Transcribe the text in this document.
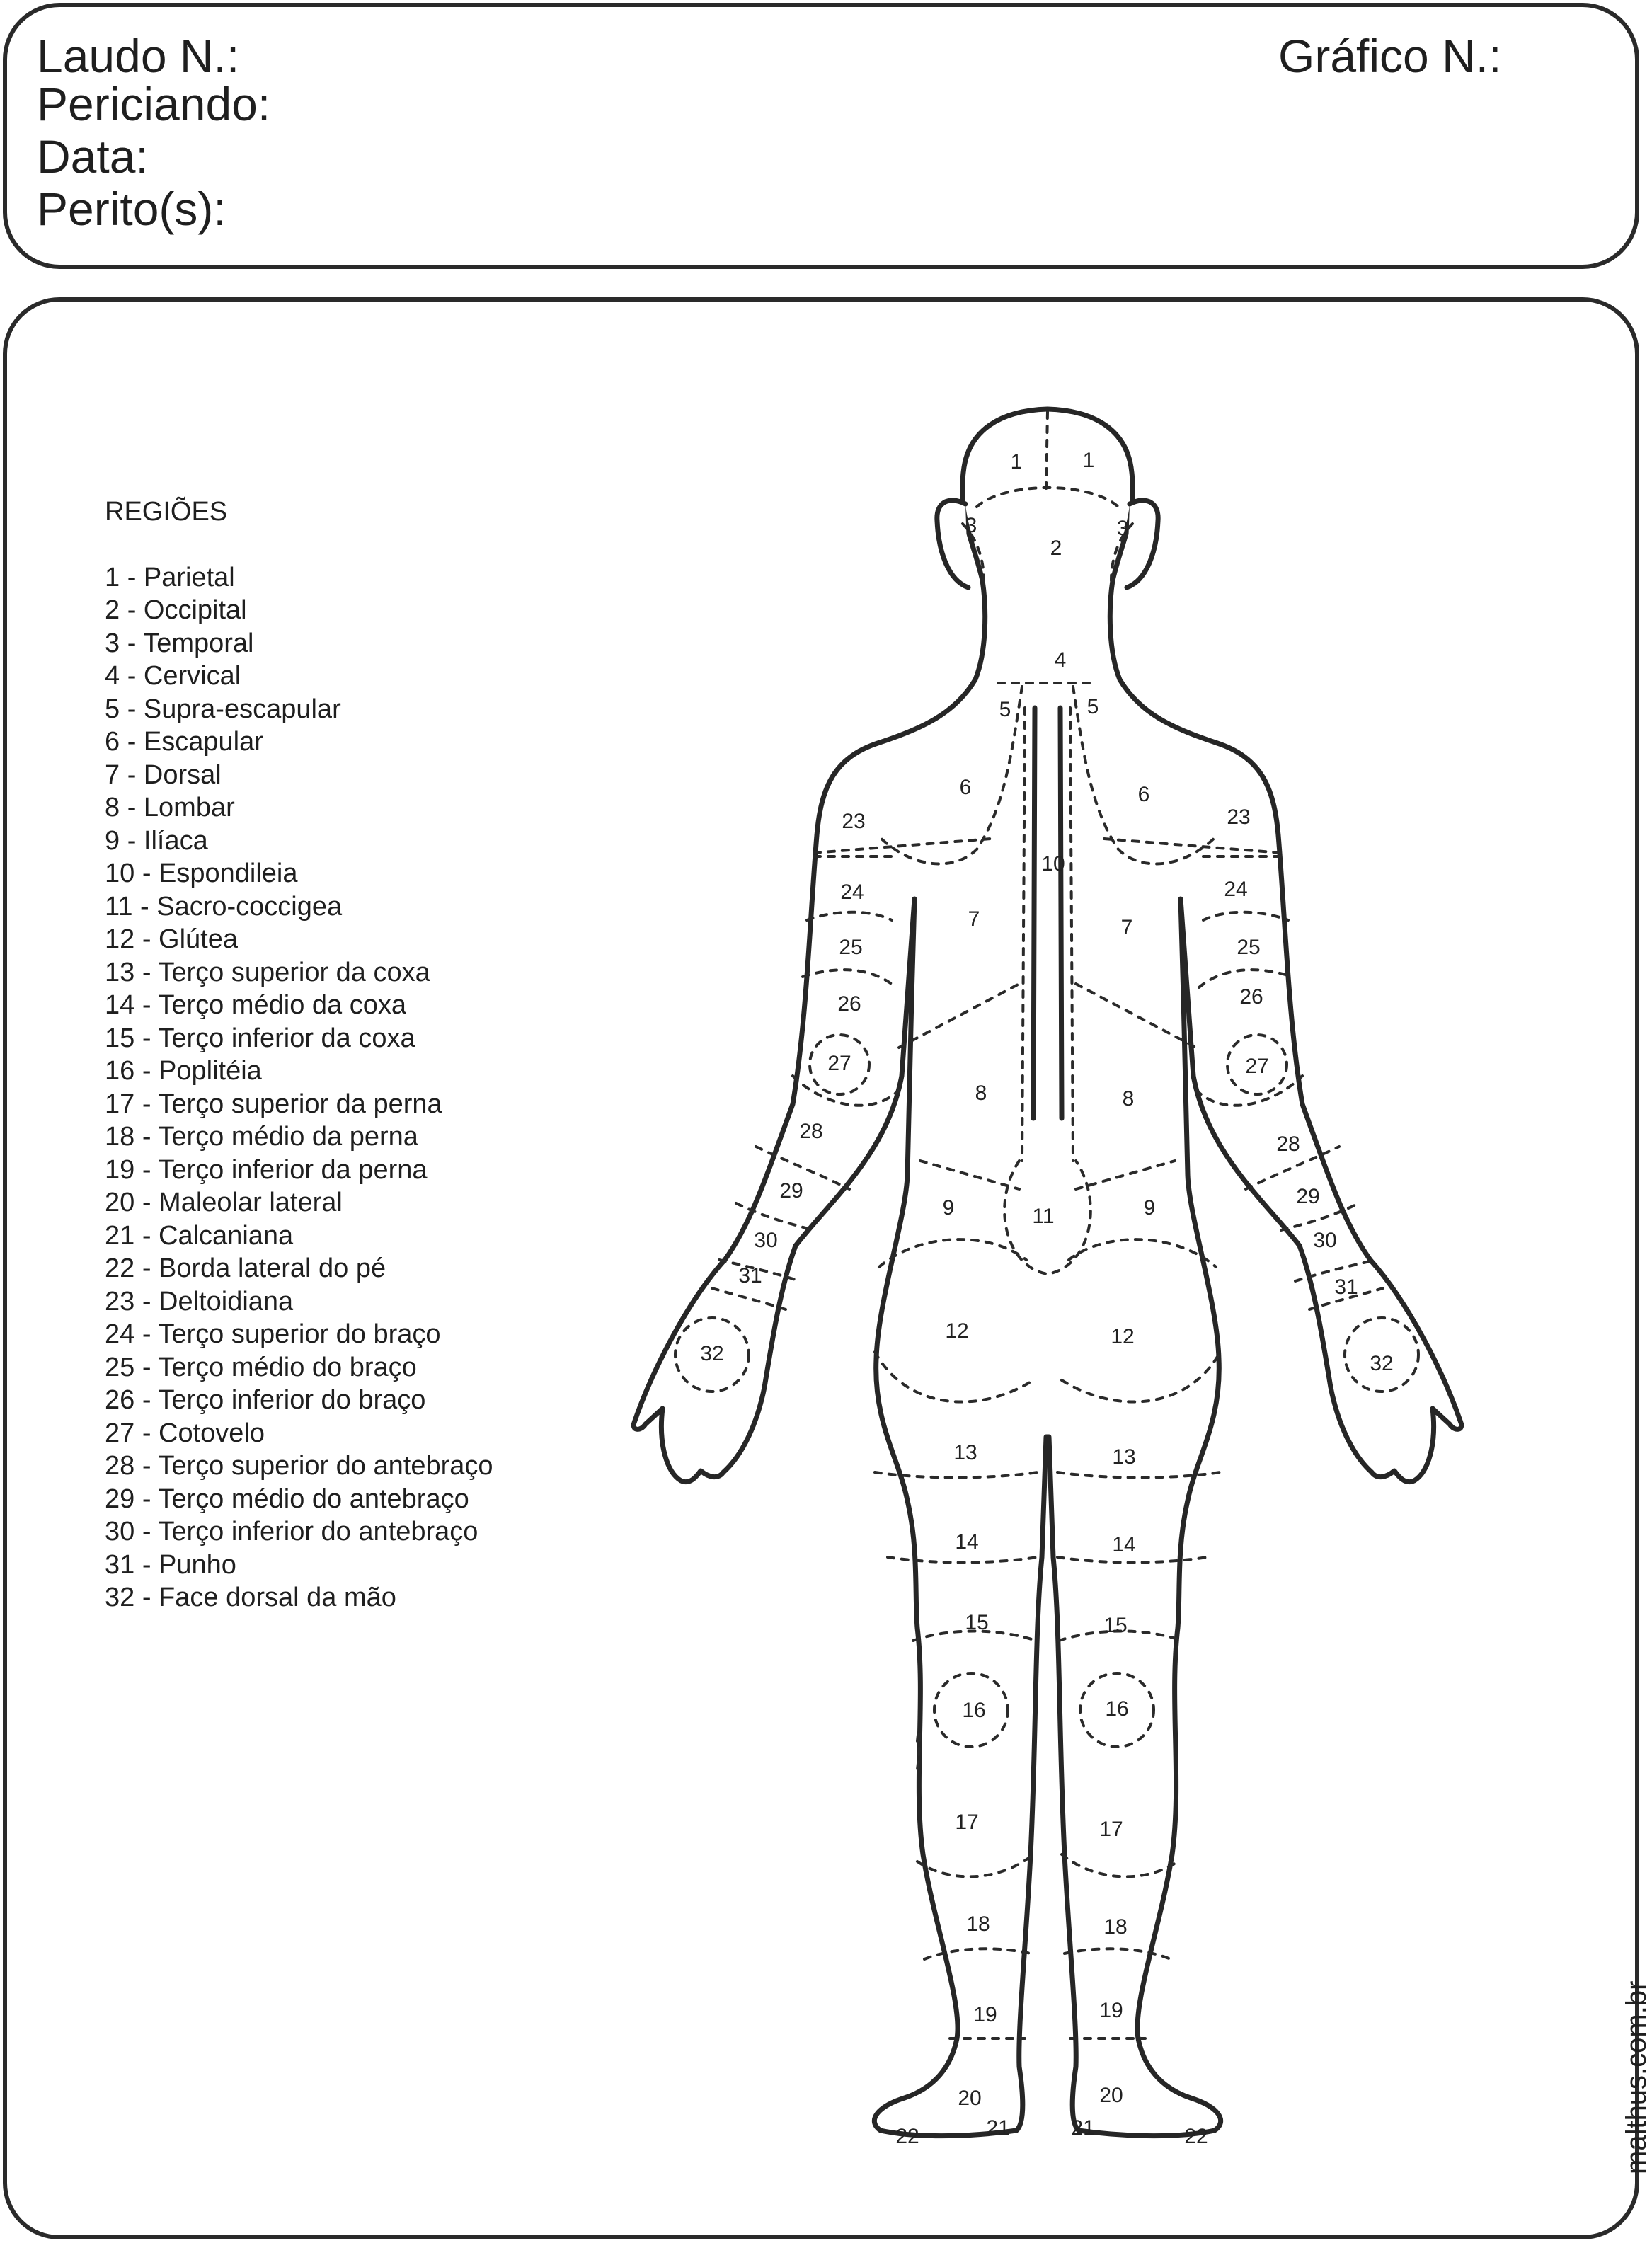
Laudo N.:
Periciando:
Data:
Perito(s):
Gráfico N.:
REGIÕES
1 - Parietal
2 - Occipital
3 - Temporal
4 - Cervical
5 - Supra-escapular
6 - Escapular
7 - Dorsal
8 - Lombar
9 - Ilíaca
10 - Espondileia
11 - Sacro-coccigea
12 - Glútea
13 - Terço superior da coxa
14 - Terço médio da coxa
15 - Terço inferior da coxa
16 - Poplitéia
17 - Terço superior da perna
18 - Terço médio da perna
19 - Terço inferior da perna
20 - Maleolar lateral
21 - Calcaniana
22 - Borda lateral do pé
23 - Deltoidiana
24 - Terço superior do braço
25 - Terço médio do braço
26 - Terço inferior do braço
27 - Cotovelo
28 - Terço superior do antebraço
29 - Terço médio do antebraço
30 - Terço inferior do antebraço
31 - Punho
32 - Face dorsal da mão
1	1
2
3	3
4
5	5
6	6
10
23	23
24	24
25	25
26	26
27	27
7	7
8	8
28
28
29	29
9	9
11
30	30
31	31
32	32
12	12
13	13
14	14
15	15
16	16
17	17
18	18
19	19
20	20
21	21
22	22	malthus.com.br
